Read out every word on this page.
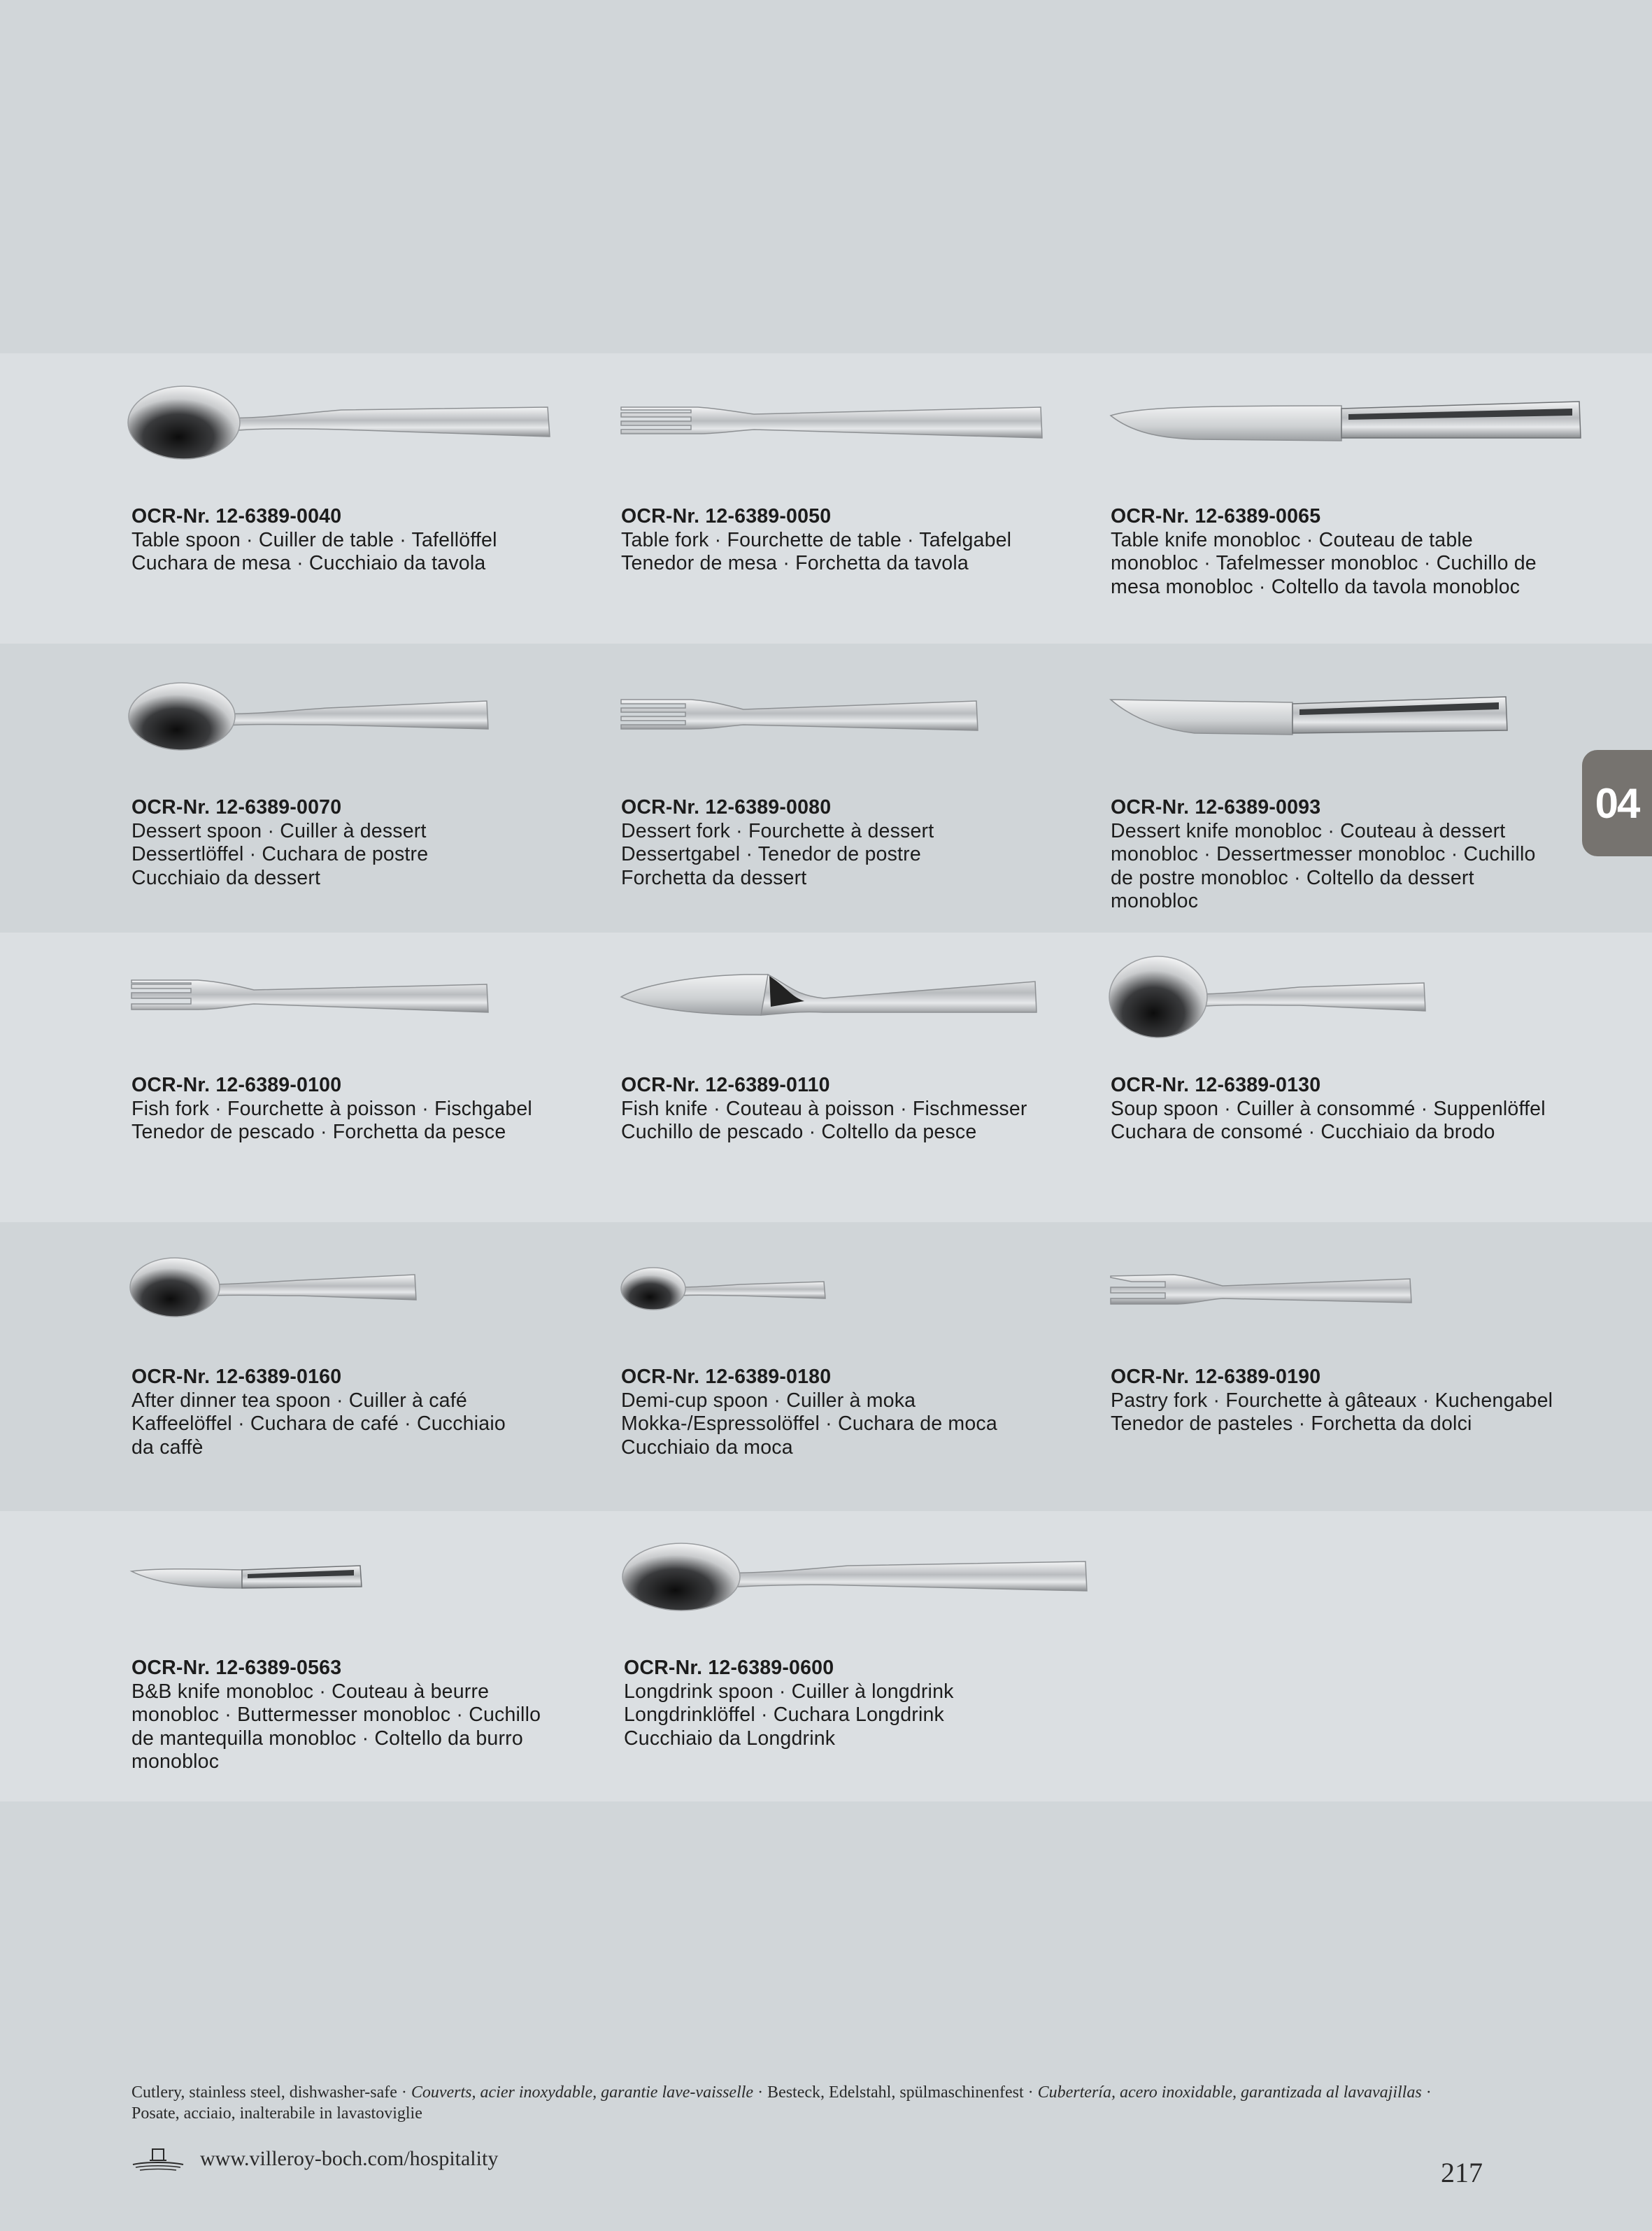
OCR-Nr. 12-6389-0040
Table spoon · Cuiller de table · Tafellöffel
Cuchara de mesa · Cucchiaio da tavola
OCR-Nr. 12-6389-0050
Table fork · Fourchette de table · Tafelgabel
Tenedor de mesa · Forchetta da tavola
OCR-Nr. 12-6389-0065
Table knife monobloc · Couteau de table
monobloc · Tafelmesser monobloc · Cuchillo de
mesa monobloc · Coltello da tavola monobloc
OCR-Nr. 12-6389-0070
Dessert spoon · Cuiller à dessert
Dessertlöffel · Cuchara de postre
Cucchiaio da dessert
OCR-Nr. 12-6389-0080
Dessert fork · Fourchette à dessert
Dessertgabel · Tenedor de postre
Forchetta da dessert
OCR-Nr. 12-6389-0093
Dessert knife monobloc · Couteau à dessert
monobloc · Dessertmesser monobloc · Cuchillo
de postre monobloc · Coltello da dessert
monobloc
OCR-Nr. 12-6389-0100
Fish fork · Fourchette à poisson · Fischgabel
Tenedor de pescado · Forchetta da pesce
OCR-Nr. 12-6389-0110
Fish knife · Couteau à poisson · Fischmesser
Cuchillo de pescado · Coltello da pesce
OCR-Nr. 12-6389-0130
Soup spoon · Cuiller à consommé · Suppenlöffel
Cuchara de consomé · Cucchiaio da brodo
OCR-Nr. 12-6389-0160
After dinner tea spoon · Cuiller à café
Kaffeelöffel · Cuchara de café · Cucchiaio
da caffè
OCR-Nr. 12-6389-0180
Demi-cup spoon · Cuiller à moka
Mokka-/Espressolöffel · Cuchara de moca
Cucchiaio da moca
OCR-Nr. 12-6389-0190
Pastry fork · Fourchette à gâteaux · Kuchengabel
Tenedor de pasteles · Forchetta da dolci
OCR-Nr. 12-6389-0563
B&B knife monobloc · Couteau à beurre
monobloc · Buttermesser monobloc · Cuchillo
de mantequilla monobloc · Coltello da burro
monobloc
OCR-Nr. 12-6389-0600
Longdrink spoon · Cuiller à longdrink
Longdrinklöffel · Cuchara Longdrink
Cucchiaio da Longdrink
04
Cutlery, stainless steel, dishwasher-safe · Couverts, acier inoxydable, garantie lave-vaisselle · Besteck, Edelstahl, spülmaschinenfest · Cubertería, acero inoxidable, garantizada al lavavajillas · Posate, acciaio, inalterabile in lavastoviglie
www.villeroy-boch.com/hospitality	217
